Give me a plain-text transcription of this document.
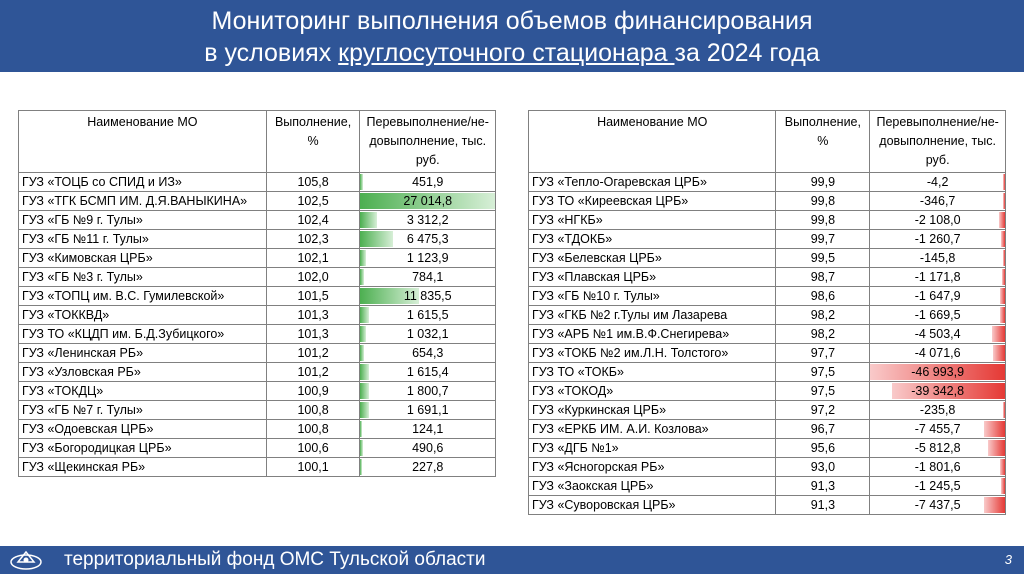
Мониторинг выполнения объемов финансирования
в условиях круглосуточного стационара за 2024 года
Наименование МО	Выполнение, %	Перевыполнение/не-довыполнение, тыс. руб.
ГУЗ «ТОЦБ со СПИД и ИЗ»	105,8	451,9
ГУЗ «ТГК БСМП ИМ. Д.Я.ВАНЫКИНА»	102,5	27 014,8
ГУЗ «ГБ №9 г. Тулы»	102,4	3 312,2
ГУЗ «ГБ №11 г. Тулы»	102,3	6 475,3
ГУЗ «Кимовская ЦРБ»	102,1	1 123,9
ГУЗ «ГБ №3 г. Тулы»	102,0	784,1
ГУЗ «ТОПЦ им. В.С. Гумилевской»	101,5	11 835,5
ГУЗ «ТОККВД»	101,3	1 615,5
ГУЗ ТО «КЦДП им. Б.Д.Зубицкого»	101,3	1 032,1
ГУЗ «Ленинская РБ»	101,2	654,3
ГУЗ «Узловская РБ»	101,2	1 615,4
ГУЗ «ТОКДЦ»	100,9	1 800,7
ГУЗ «ГБ №7 г. Тулы»	100,8	1 691,1
ГУЗ «Одоевская ЦРБ»	100,8	124,1
ГУЗ «Богородицкая ЦРБ»	100,6	490,6
ГУЗ «Щекинская РБ»	100,1	227,8
Наименование МО	Выполнение, %	Перевыполнение/не-довыполнение, тыс. руб.
ГУЗ «Тепло-Огаревская ЦРБ»	99,9	-4,2
ГУЗ ТО «Киреевская ЦРБ»	99,8	-346,7
ГУЗ «НГКБ»	99,8	-2 108,0
ГУЗ «ТДОКБ»	99,7	-1 260,7
ГУЗ «Белевская ЦРБ»	99,5	-145,8
ГУЗ «Плавская ЦРБ»	98,7	-1 171,8
ГУЗ «ГБ №10 г. Тулы»	98,6	-1 647,9
ГУЗ «ГКБ №2 г.Тулы им Лазарева	98,2	-1 669,5
ГУЗ «АРБ №1 им.В.Ф.Снегирева»	98,2	-4 503,4
ГУЗ «ТОКБ №2 им.Л.Н. Толстого»	97,7	-4 071,6
ГУЗ ТО «ТОКБ»	97,5	-46 993,9
ГУЗ «ТОКОД»	97,5	-39 342,8
ГУЗ «Куркинская ЦРБ»	97,2	-235,8
ГУЗ «ЕРКБ ИМ. А.И. Козлова»	96,7	-7 455,7
ГУЗ «ДГБ №1»	95,6	-5 812,8
ГУЗ «Ясногорская РБ»	93,0	-1 801,6
ГУЗ «Заокская ЦРБ»	91,3	-1 245,5
ГУЗ «Суворовская ЦРБ»	91,3	-7 437,5
территориальный фонд ОМС Тульской области	3
